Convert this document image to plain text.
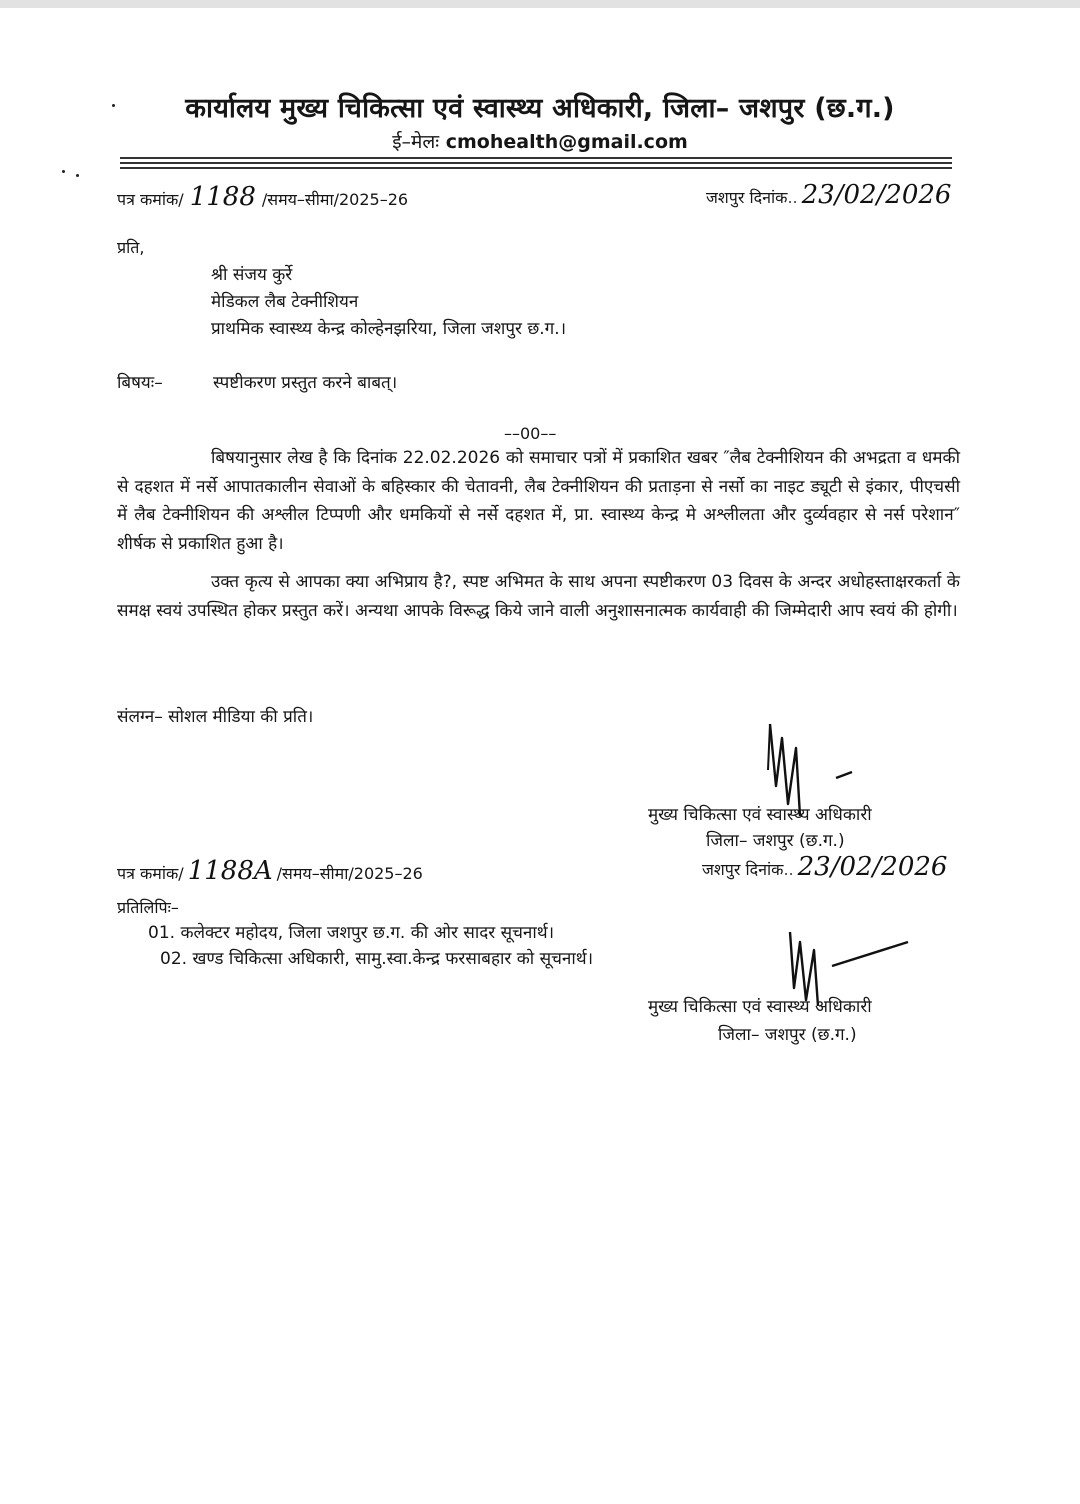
कार्यालय मुख्य चिकित्सा एवं स्वास्थ्य अधिकारी, जिला– जशपुर (छ.ग.)
ई–मेलः cmohealth@gmail.com
पत्र कमांक/ 1188 /समय–सीमा/2025–26	जशपुर दिनांक.. 23/02/2026
प्रति,
श्री संजय कुर्रे
मेडिकल लैब टेक्नीशियन
प्राथमिक स्वास्थ्य केन्द्र कोल्हेनझरिया, जिला जशपुर छ.ग.।
बिषयः–	स्पष्टीकरण प्रस्तुत करने बाबत्।
––00––
बिषयानुसार लेख है कि दिनांक 22.02.2026 को समाचार पत्रों में प्रकाशित खबर ″लैब टेक्नीशियन की अभद्रता व धमकी से दहशत में नर्से आपातकालीन सेवाओं के बहिस्कार की चेतावनी, लैब टेक्नीशियन की प्रताड़ना से नर्सो का नाइट ड्यूटी से इंकार, पीएचसी में लैब टेक्नीशियन की अश्लील टिप्पणी और धमकियों से नर्से दहशत में, प्रा. स्वास्थ्य केन्द्र मे अश्लीलता और दुर्व्यवहार से नर्स परेशान″ शीर्षक से प्रकाशित हुआ है।
उक्त कृत्य से आपका क्या अभिप्राय है?, स्पष्ट अभिमत के साथ अपना स्पष्टीकरण 03 दिवस के अन्दर अधोहस्ताक्षरकर्ता के समक्ष स्वयं उपस्थित होकर प्रस्तुत करें। अन्यथा आपके विरूद्ध किये जाने वाली अनुशासनात्मक कार्यवाही की जिम्मेदारी आप स्वयं की होगी।
संलग्न– सोशल मीडिया की प्रति।
मुख्य चिकित्सा एवं स्वास्थ्य अधिकारी
जिला– जशपुर (छ.ग.)
पत्र कमांक/ 1188A /समय–सीमा/2025–26	जशपुर दिनांक.. 23/02/2026
प्रतिलिपिः–
01. कलेक्टर महोदय, जिला जशपुर छ.ग. की ओर सादर सूचनार्थ।
02. खण्ड चिकित्सा अधिकारी, सामु.स्वा.केन्द्र फरसाबहार को सूचनार्थ।
मुख्य चिकित्सा एवं स्वास्थ्य अधिकारी
जिला– जशपुर (छ.ग.)
